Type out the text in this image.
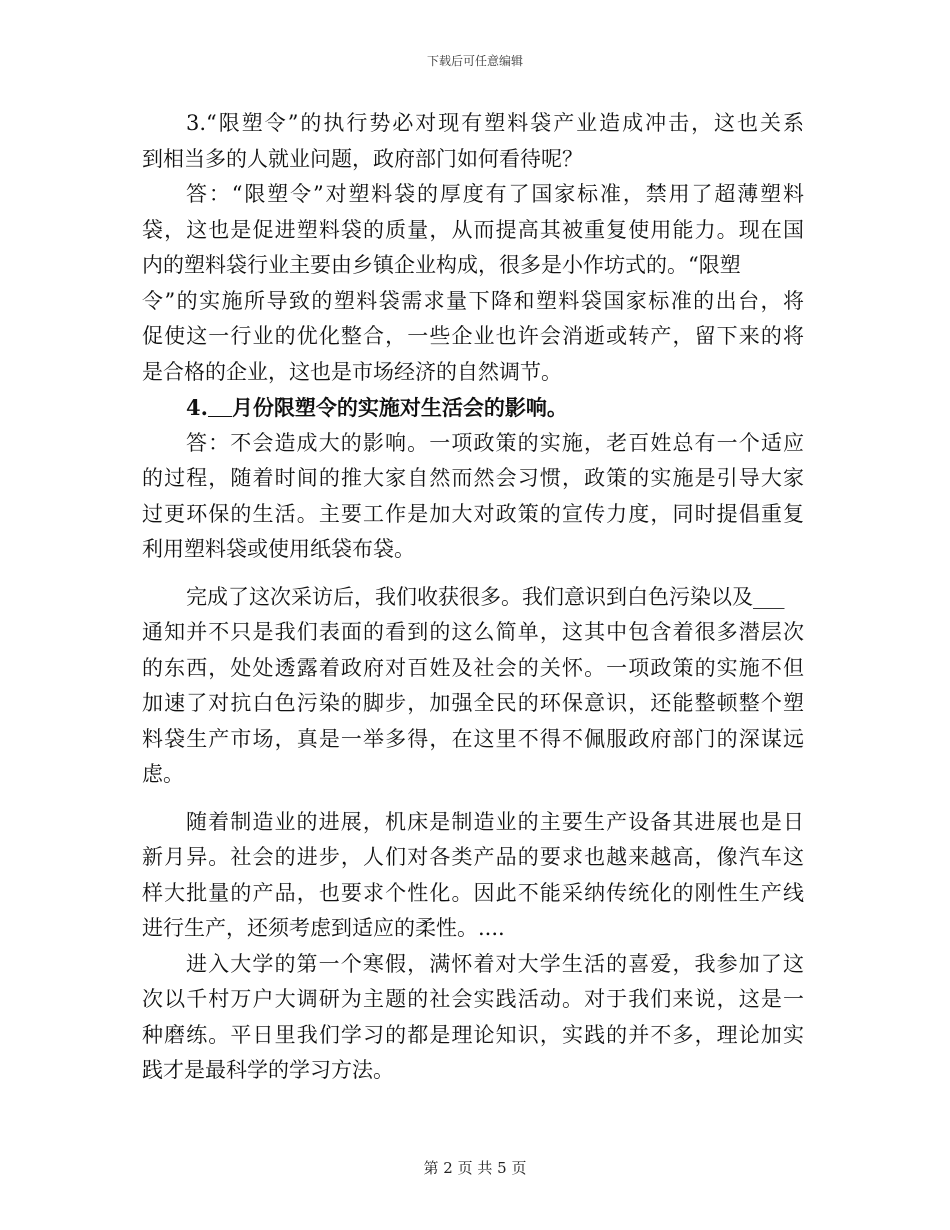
下载后可任意编辑
3.“限塑令”的执行势必对现有塑料袋产业造成冲击，这也关系
到相当多的人就业问题，政府部门如何看待呢？
答：“限塑令”对塑料袋的厚度有了国家标准，禁用了超薄塑料
袋，这也是促进塑料袋的质量，从而提高其被重复使用能力。现在国
内的塑料袋行业主要由乡镇企业构成，很多是小作坊式的。“限塑
令”的实施所导致的塑料袋需求量下降和塑料袋国家标准的出台，将
促使这一行业的优化整合，一些企业也许会消逝或转产，留下来的将
是合格的企业，这也是市场经济的自然调节。
4. 月份限塑令的实施对生活会的影响。
答：不会造成大的影响。一项政策的实施，老百姓总有一个适应
的过程，随着时间的推大家自然而然会习惯，政策的实施是引导大家
过更环保的生活。主要工作是加大对政策的宣传力度，同时提倡重复
利用塑料袋或使用纸袋布袋。
完成了这次采访后，我们收获很多。我们意识到白色污染以及___
通知并不只是我们表面的看到的这么简单，这其中包含着很多潜层次
的东西，处处透露着政府对百姓及社会的关怀。一项政策的实施不但
加速了对抗白色污染的脚步，加强全民的环保意识，还能整顿整个塑
料袋生产市场，真是一举多得，在这里不得不佩服政府部门的深谋远
虑。
随着制造业的进展，机床是制造业的主要生产设备其进展也是日
新月异。社会的进步，人们对各类产品的要求也越来越高，像汽车这
样大批量的产品，也要求个性化。因此不能采纳传统化的刚性生产线
进行生产，还须考虑到适应的柔性。....
进入大学的第一个寒假，满怀着对大学生活的喜爱，我参加了这
次以千村万户大调研为主题的社会实践活动。对于我们来说，这是一
种磨练。平日里我们学习的都是理论知识，实践的并不多，理论加实
践才是最科学的学习方法。
第 2 页 共 5 页
